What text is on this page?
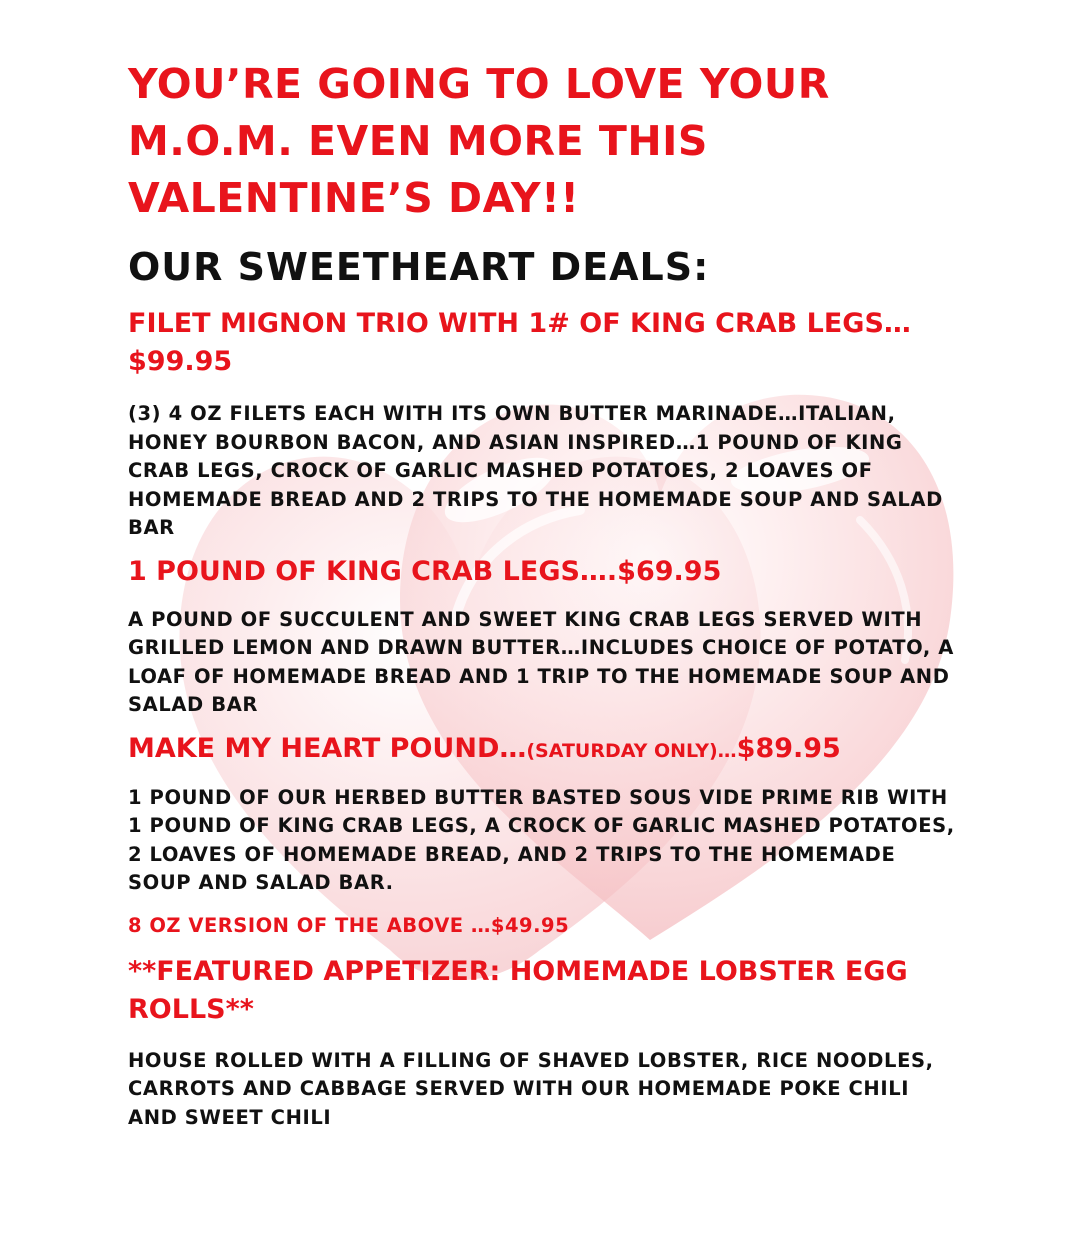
YOU’RE GOING TO LOVE YOUR M.O.M. EVEN MORE THIS VALENTINE’S DAY!!
OUR SWEETHEART DEALS:

FILET MIGNON TRIO WITH 1# OF KING CRAB LEGS…$99.95

(3) 4 OZ FILETS EACH WITH ITS OWN BUTTER MARINADE…ITALIAN, HONEY BOURBON BACON, AND ASIAN INSPIRED…1 POUND OF KING CRAB LEGS, CROCK OF GARLIC MASHED POTATOES, 2 LOAVES OF HOMEMADE BREAD AND 2 TRIPS TO THE HOMEMADE SOUP AND SALAD BAR

1 POUND OF KING CRAB LEGS….$69.95

A POUND OF SUCCULENT AND SWEET KING CRAB LEGS SERVED WITH GRILLED LEMON AND DRAWN BUTTER…INCLUDES CHOICE OF POTATO, A LOAF OF HOMEMADE BREAD AND 1 TRIP TO THE HOMEMADE SOUP AND SALAD BAR

MAKE MY HEART POUND…(SATURDAY ONLY)…$89.95

1 POUND OF OUR HERBED BUTTER BASTED SOUS VIDE PRIME RIB WITH 1 POUND OF KING CRAB LEGS, A CROCK OF GARLIC MASHED POTATOES, 2 LOAVES OF HOMEMADE BREAD, AND 2 TRIPS TO THE HOMEMADE SOUP AND SALAD BAR.

8 OZ VERSION OF THE ABOVE …$49.95

**FEATURED APPETIZER: HOMEMADE LOBSTER EGG ROLLS**

HOUSE ROLLED WITH A FILLING OF SHAVED LOBSTER, RICE NOODLES, CARROTS AND CABBAGE SERVED WITH OUR HOMEMADE POKE CHILI AND SWEET CHILI
